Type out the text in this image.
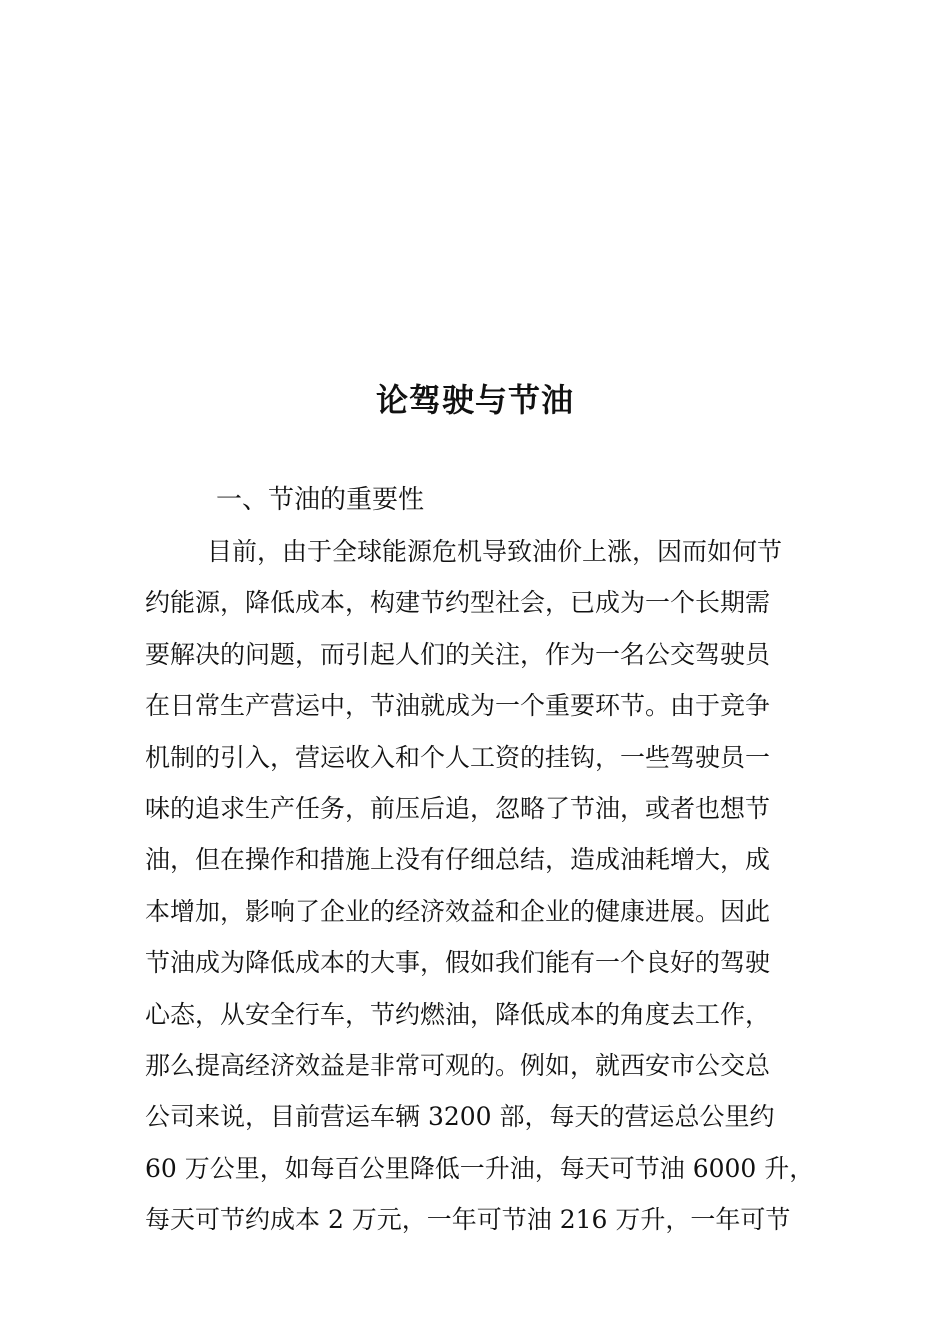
论驾驶与节油
一、节油的重要性
目前，由于全球能源危机导致油价上涨，因而如何节
约能源，降低成本，构建节约型社会，已成为一个长期需
要解决的问题，而引起人们的关注，作为一名公交驾驶员
在日常生产营运中，节油就成为一个重要环节。由于竞争
机制的引入，营运收入和个人工资的挂钩，一些驾驶员一
味的追求生产任务，前压后追，忽略了节油，或者也想节
油，但在操作和措施上没有仔细总结，造成油耗增大，成
本增加，影响了企业的经济效益和企业的健康进展。因此
节油成为降低成本的大事，假如我们能有一个良好的驾驶
心态，从安全行车，节约燃油，降低成本的角度去工作，
那么提高经济效益是非常可观的。例如，就西安市公交总
公司来说，目前营运车辆 3200 部，每天的营运总公里约
60 万公里，如每百公里降低一升油，每天可节油 6000 升，
每天可节约成本 2 万元，一年可节油 216 万升，一年可节
